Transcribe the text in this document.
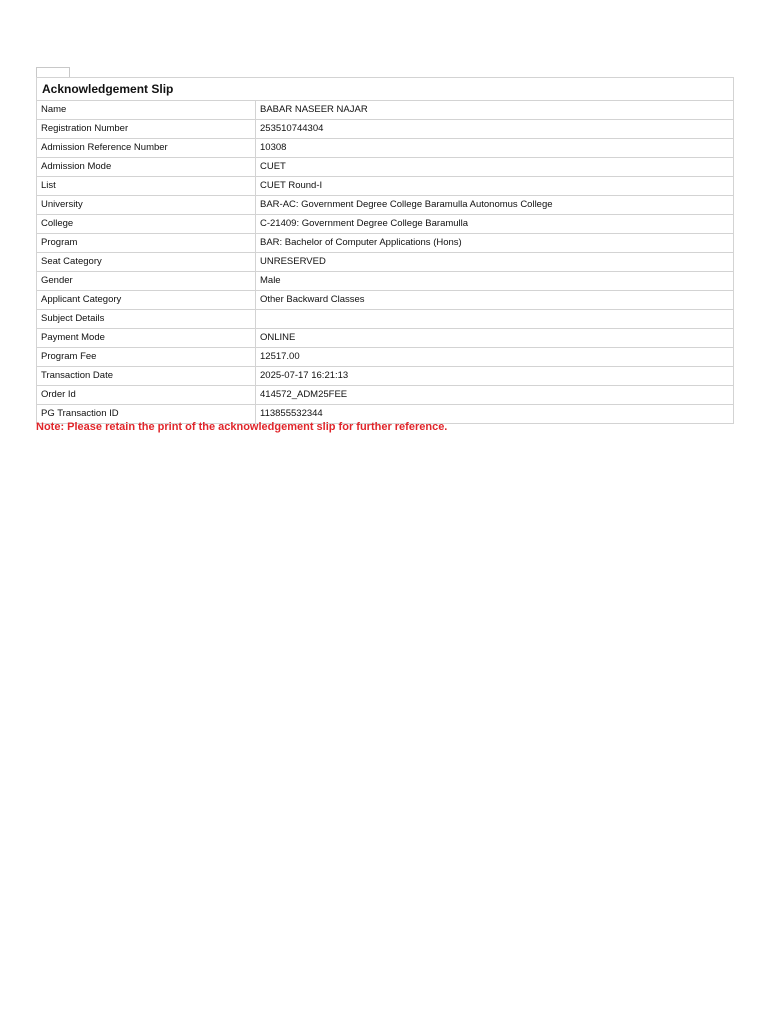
Acknowledgement Slip	
Name	BABAR NASEER NAJAR
Registration Number	253510744304
Admission Reference Number	10308
Admission Mode	CUET
List	CUET Round-I
University	BAR-AC: Government Degree College Baramulla Autonomus College
College	C-21409: Government Degree College Baramulla
Program	BAR: Bachelor of Computer Applications (Hons)
Seat Category	UNRESERVED
Gender	Male
Applicant Category	Other Backward Classes
Subject Details	
Payment Mode	ONLINE
Program Fee	12517.00
Transaction Date	2025-07-17 16:21:13
Order Id	414572_ADM25FEE
PG Transaction ID	113855532344
Note: Please retain the print of the acknowledgement slip for further reference.
